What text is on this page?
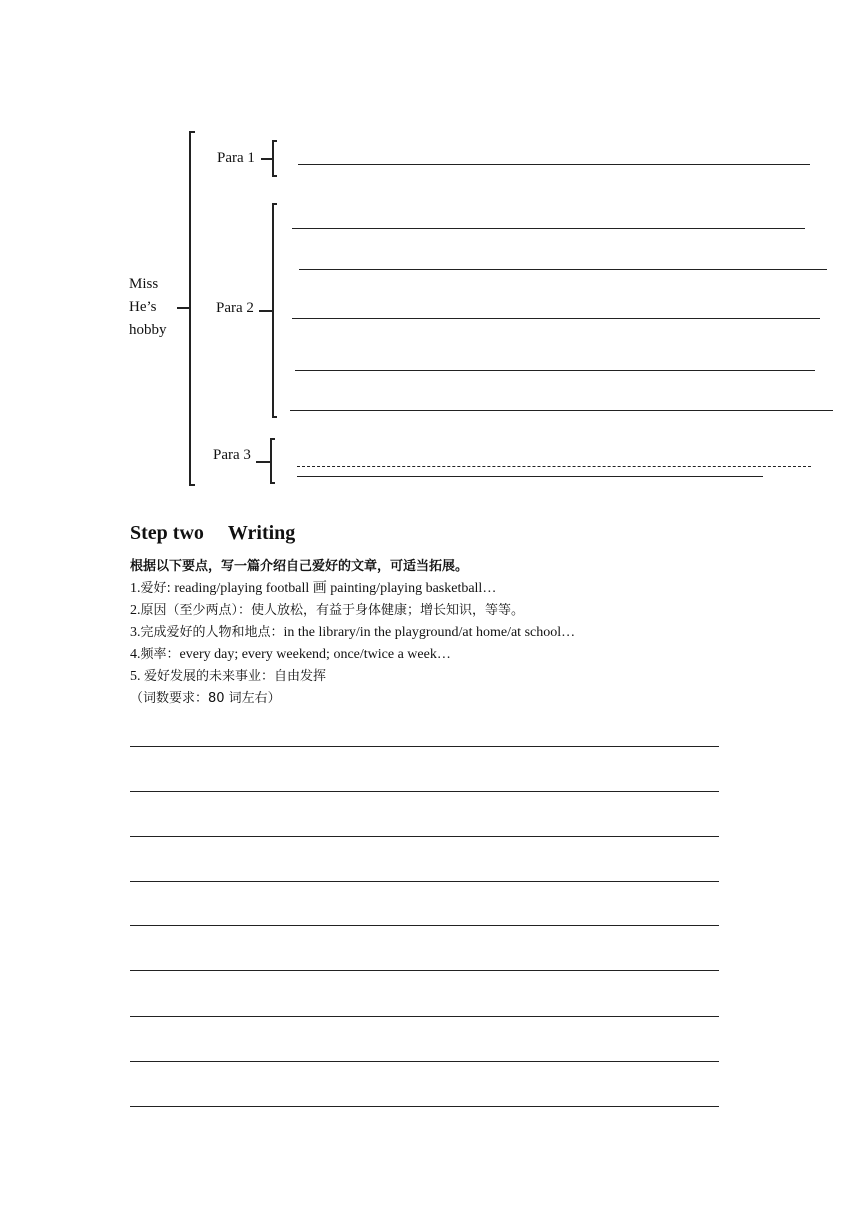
Miss
He’s
hobby
Para 1
Para 2
Para 3
Step two Writing
根据以下要点，写一篇介绍自己爱好的文章，可适当拓展。
1.爱好: reading/playing football 画 painting/playing basketball…
2.原因（至少两点）：使人放松，有益于身体健康；增长知识，等等。
3.完成爱好的人物和地点：in the library/in the playground/at home/at school…
4.频率：every day; every weekend; once/twice a week…
5. 爱好发展的未来事业：自由发挥
（词数要求：80 词左右）
